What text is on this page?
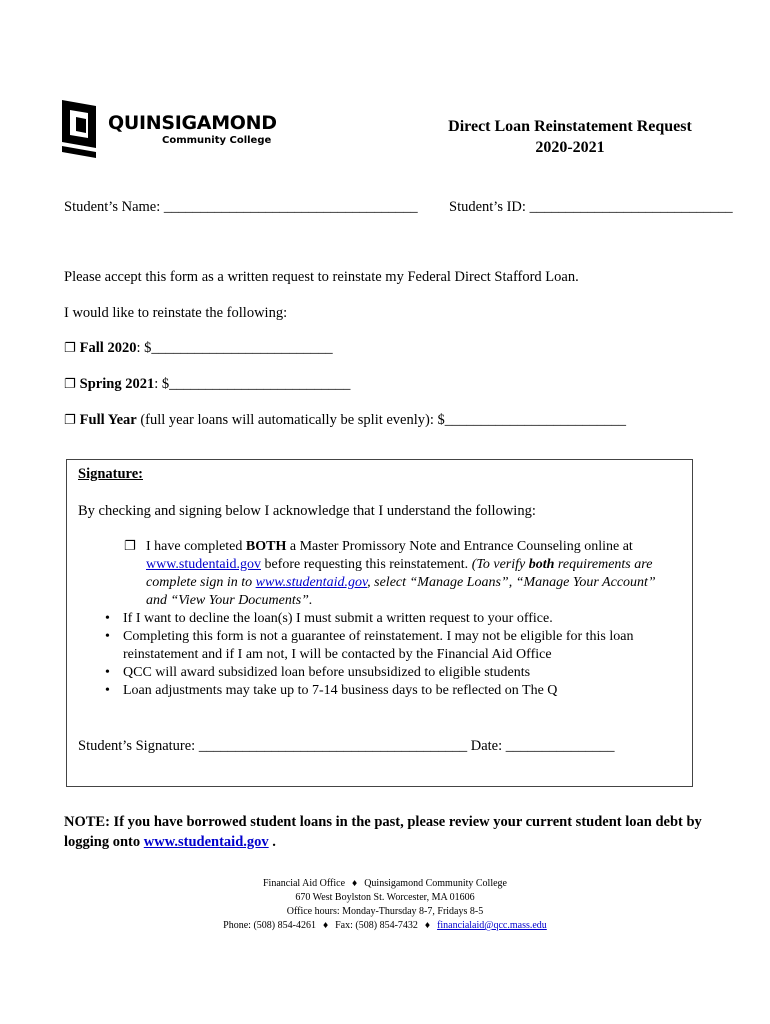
QUINSIGAMOND
Community College
Direct Loan Reinstatement Request
2020-2021
Student’s Name: ___________________________________ Student’s ID: ____________________________
Please accept this form as a written request to reinstate my Federal Direct Stafford Loan.
I would like to reinstate the following:
❐ Fall 2020: $_________________________
❐ Spring 2021: $_________________________
❐ Full Year (full year loans will automatically be split evenly): $_________________________
Signature:
By checking and signing below I acknowledge that I understand the following:
❐ I have completed BOTH a Master Promissory Note and Entrance Counseling online at www.studentaid.gov before requesting this reinstatement. (To verify both requirements are complete sign in to www.studentaid.gov, select “Manage Loans”, “Manage Your Account” and “View Your Documents”.
• If I want to decline the loan(s) I must submit a written request to your office.
• Completing this form is not a guarantee of reinstatement. I may not be eligible for this loan reinstatement and if I am not, I will be contacted by the Financial Aid Office
• QCC will award subsidized loan before unsubsidized to eligible students
• Loan adjustments may take up to 7-14 business days to be reflected on The Q
Student’s Signature: _____________________________________ Date: _______________
NOTE: If you have borrowed student loans in the past, please review your current student loan debt by logging onto www.studentaid.gov .
Financial Aid Office ♦ Quinsigamond Community College
670 West Boylston St. Worcester, MA 01606
Office hours: Monday-Thursday 8-7, Fridays 8-5
Phone: (508) 854-4261 ♦ Fax: (508) 854-7432 ♦ financialaid@qcc.mass.edu
